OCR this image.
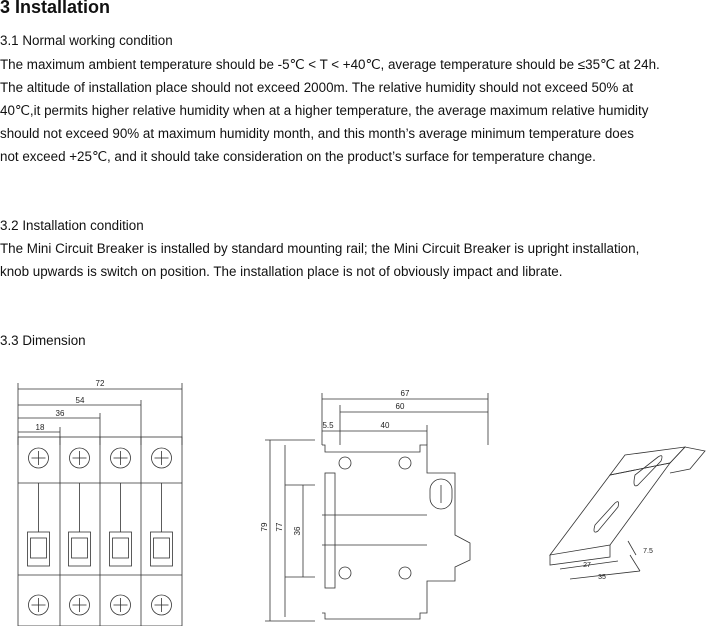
3 Installation
3.1 Normal working condition
The maximum ambient temperature should be -5℃ < T < +40℃, average temperature should be ≤35℃ at 24h.
The altitude of installation place should not exceed 2000m. The relative humidity should not exceed 50% at
40℃,it permits higher relative humidity when at a higher temperature, the average maximum relative humidity
should not exceed 90% at maximum humidity month, and this month’s average minimum temperature does
not exceed +25℃, and it should take consideration on the product’s surface for temperature change.
3.2 Installation condition
The Mini Circuit Breaker is installed by standard mounting rail; the Mini Circuit Breaker is upright installation,
knob upwards is switch on position. The installation place is not of obviously impact and librate.
3.3 Dimension
72
54
36
18
67
60
40
5.5
79 77 36
7.5
27
35
